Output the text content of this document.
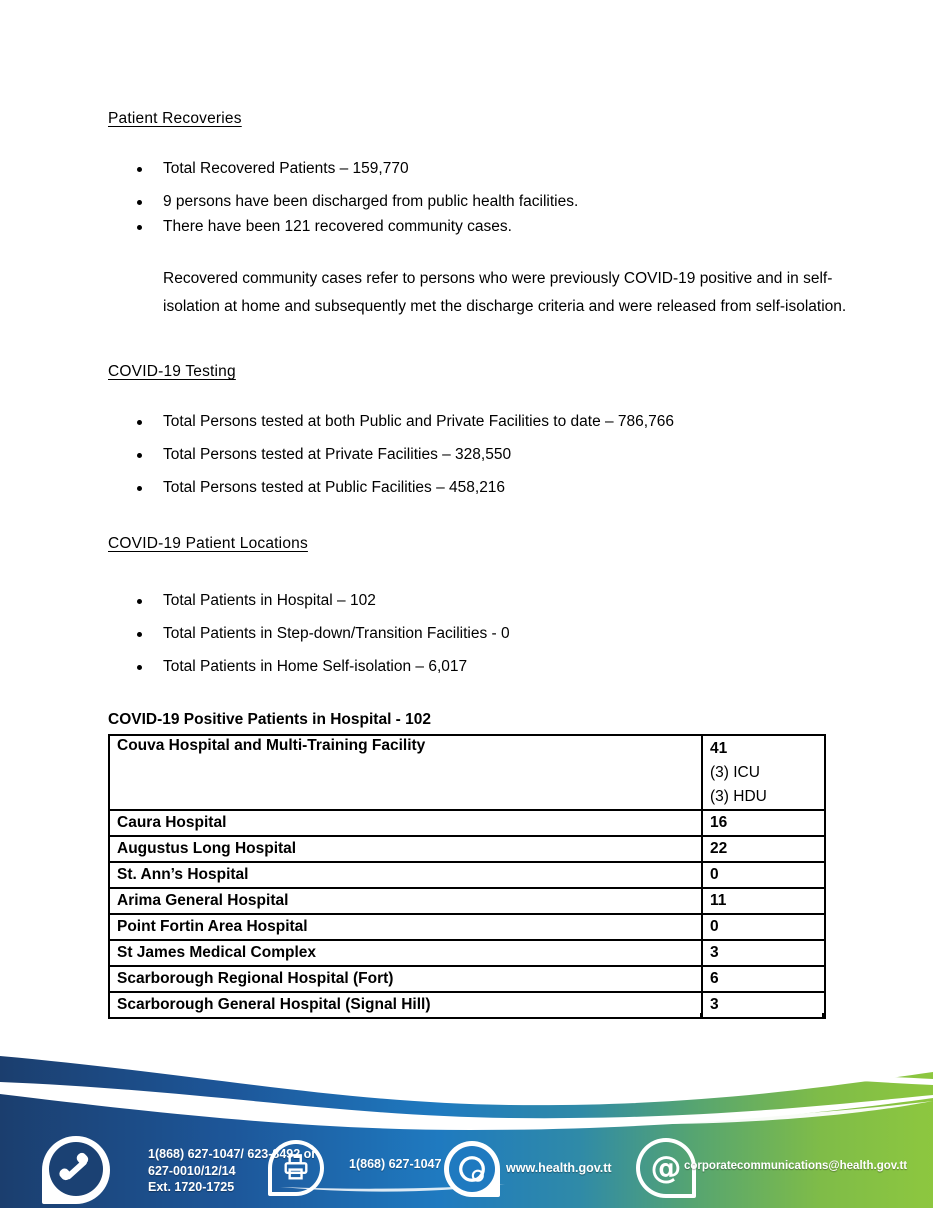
Patient Recoveries
Total Recovered Patients – 159,770
9 persons have been discharged from public health facilities.
There have been 121 recovered community cases.
Recovered community cases refer to persons who were previously COVID-19 positive and in self-isolation at home and subsequently met the discharge criteria and were released from self-isolation.
COVID-19 Testing
Total Persons tested at both Public and Private Facilities to date – 786,766
Total Persons tested at Private Facilities – 328,550
Total Persons tested at Public Facilities – 458,216
COVID-19 Patient Locations
Total Patients in Hospital – 102
Total Patients in Step-down/Transition Facilities - 0
Total Patients in Home Self-isolation – 6,017
COVID-19 Positive Patients in Hospital - 102
Couva Hospital and Multi-Training Facility	41
(3) ICU
(3) HDU

Caura Hospital	16
Augustus Long Hospital	22
St. Ann’s Hospital	0
Arima General Hospital	11
Point Fortin Area Hospital	0
St James Medical Complex	3
Scarborough Regional Hospital (Fort)	6
Scarborough General Hospital (Signal Hill)	3
1(868) 627-1047/ 623-8492 or
627-0010/12/14
Ext. 1720-1725
1(868) 627-1047	www.health.gov.tt @ corporatecommunications@health.gov.tt
